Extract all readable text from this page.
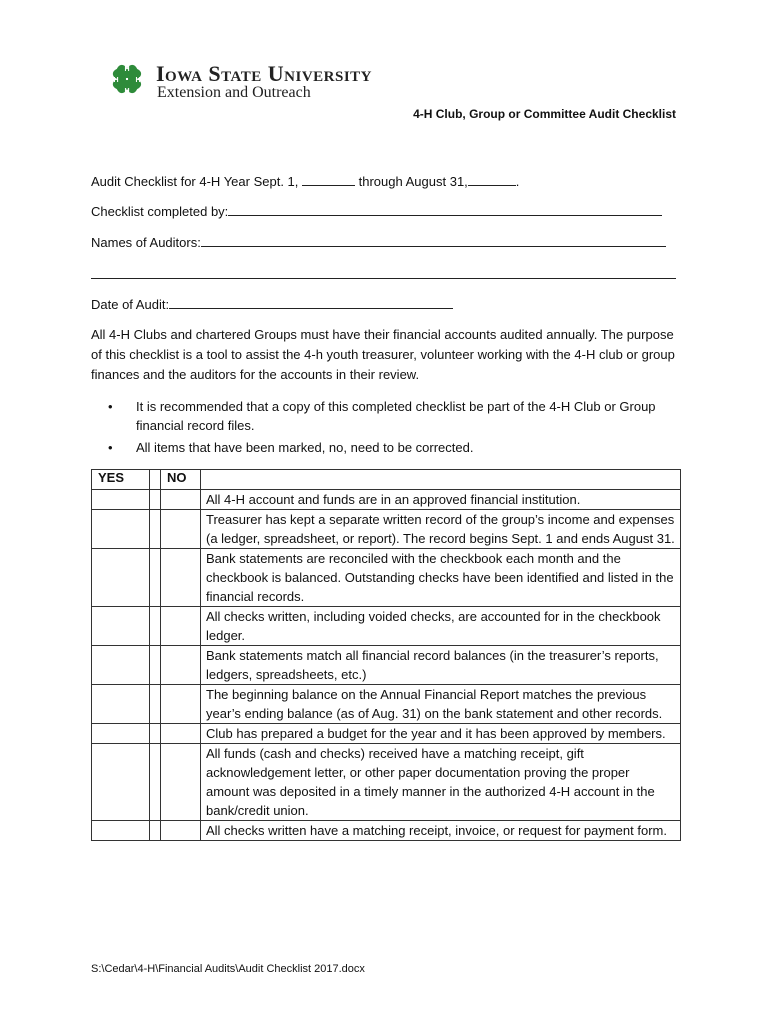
H
H
H H Iowa State University
Extension and Outreach
4-H Club, Group or Committee Audit Checklist
Audit Checklist for 4-H Year Sept. 1,	through August 31,	.
Checklist completed by:
Names of Auditors:
Date of Audit:
All 4-H Clubs and chartered Groups must have their financial accounts audited annually. The purpose of this checklist is a tool to assist the 4-h youth treasurer, volunteer working with the 4-H club or group finances and the auditors for the accounts in their review.
• It is recommended that a copy of this completed checklist be part of the 4-H Club or Group financial record files.
• All items that have been marked, no, need to be corrected.
YES		NO	
			All 4-H account and funds are in an approved financial institution.
			Treasurer has kept a separate written record of the group’s income and expenses (a ledger, spreadsheet, or report). The record begins Sept. 1 and ends August 31.
			Bank statements are reconciled with the checkbook each month and the checkbook is balanced. Outstanding checks have been identified and listed in the financial records.
			All checks written, including voided checks, are accounted for in the checkbook ledger.
			Bank statements match all financial record balances (in the treasurer’s reports, ledgers, spreadsheets, etc.)
			The beginning balance on the Annual Financial Report matches the previous year’s ending balance (as of Aug. 31) on the bank statement and other records.
			Club has prepared a budget for the year and it has been approved by members.
			All funds (cash and checks) received have a matching receipt, gift acknowledgement letter, or other paper documentation proving the proper amount was deposited in a timely manner in the authorized 4-H account in the bank/credit union.
			All checks written have a matching receipt, invoice, or request for payment form.
S:\Cedar\4-H\Financial Audits\Audit Checklist 2017.docx
